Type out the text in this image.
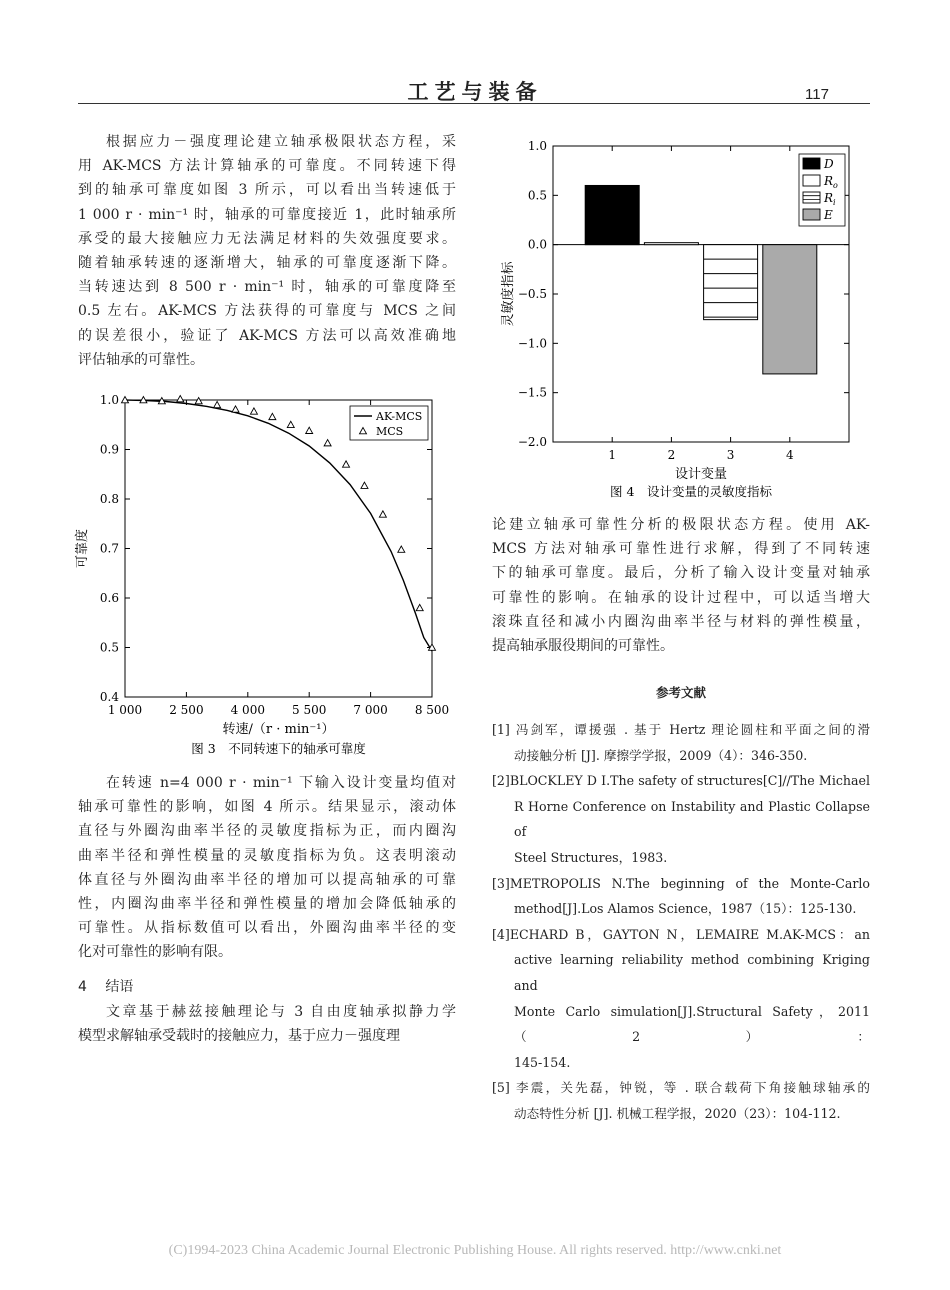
工艺与装备	117
根据应力－强度理论建立轴承极限状态方程，采
用 AK-MCS 方法计算轴承的可靠度。不同转速下得
到的轴承可靠度如图 3 所示，可以看出当转速低于
1 000 r · min⁻¹ 时，轴承的可靠度接近 1，此时轴承所
承受的最大接触应力无法满足材料的失效强度要求。
随着轴承转速的逐渐增大，轴承的可靠度逐渐下降。
当转速达到 8 500 r · min⁻¹ 时，轴承的可靠度降至
0.5 左右。AK-MCS 方法获得的可靠度与 MCS 之间
的误差很小，验证了 AK-MCS 方法可以高效准确地
评估轴承的可靠性。
0.4
0.5
0.6
0.7
0.8
0.9
1.0
1 000 2 500 4 000 5 500 7 000 8 500
AK-MCS
MCS
转速/（r · min⁻¹）
可靠度
图 3　不同转速下的轴承可靠度
在转速 n=4 000 r · min⁻¹ 下输入设计变量均值对
轴承可靠性的影响，如图 4 所示。结果显示，滚动体
直径与外圈沟曲率半径的灵敏度指标为正，而内圈沟
曲率半径和弹性模量的灵敏度指标为负。这表明滚动
体直径与外圈沟曲率半径的增加可以提高轴承的可靠
性，内圈沟曲率半径和弹性模量的增加会降低轴承的
可靠性。从指标数值可以看出，外圈沟曲率半径的变
化对可靠性的影响有限。
4 结语
文章基于赫兹接触理论与 3 自由度轴承拟静力学
模型求解轴承受载时的接触应力，基于应力－强度理
1.0
0.5
0.0
−0.5
−1.0
−1.5
−2.0
1	2	3	4
D
$R_o$
$R_i$
E
设计变量
灵敏度指标
图 4　设计变量的灵敏度指标
论建立轴承可靠性分析的极限状态方程。使用 AK-
MCS 方法对轴承可靠性进行求解，得到了不同转速
下的轴承可靠度。最后，分析了输入设计变量对轴承
可靠性的影响。在轴承的设计过程中，可以适当增大
滚珠直径和减小内圈沟曲率半径与材料的弹性模量，
提高轴承服役期间的可靠性。
参考文献
[1] 冯剑军，谭援强 . 基于 Hertz 理论圆柱和平面之间的滑
动接触分析 [J]. 摩擦学学报，2009（4）：346-350.
[2]BLOCKLEY D I.The safety of structures[C]//The Michael
R Horne Conference on Instability and Plastic Collapse of
Steel Structures，1983.
[3]METROPOLIS N.The beginning of the Monte-Carlo
method[J].Los Alamos Science，1987（15）：125-130.
[4]ECHARD B，GAYTON N，LEMAIRE M.AK-MCS：an
active learning reliability method combining Kriging and
Monte Carlo simulation[J].Structural Safety，2011（2）：
145-154.
[5] 李震，关先磊，钟锐，等 . 联合载荷下角接触球轴承的
动态特性分析 [J]. 机械工程学报，2020（23）：104-112.
(C)1994-2023 China Academic Journal Electronic Publishing House. All rights reserved. http://www.cnki.net
